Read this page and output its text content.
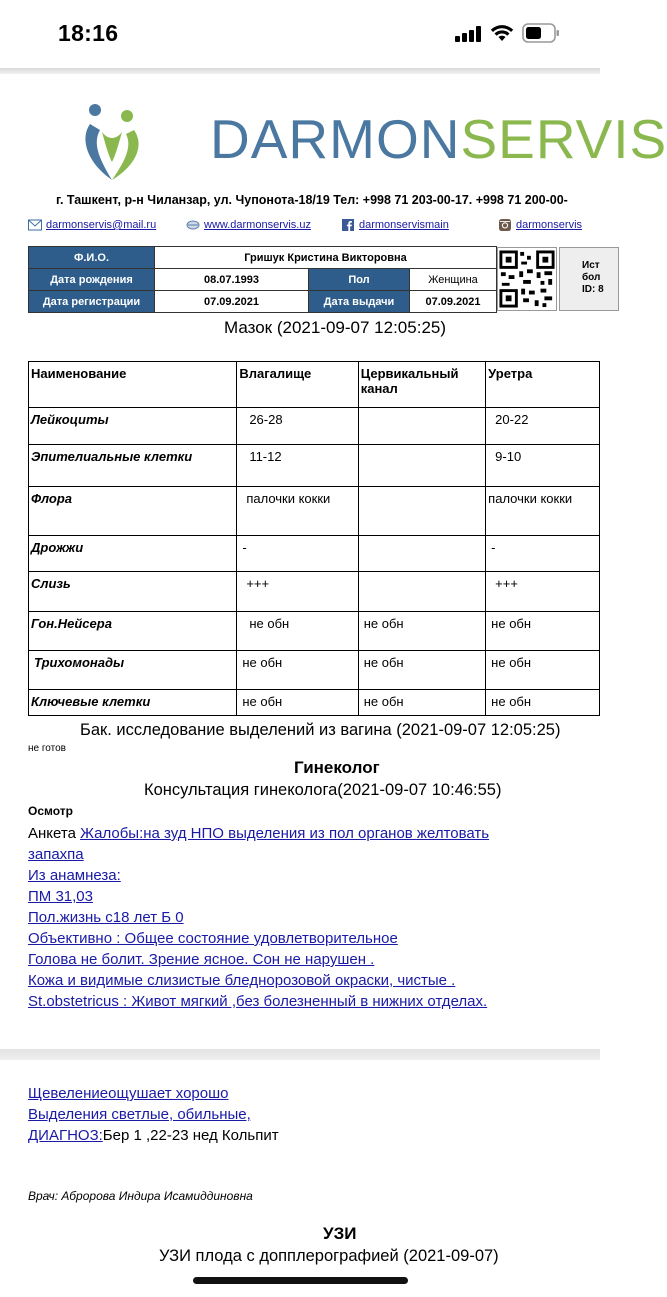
18:16
DARMONSERVIS
г. Ташкент, р-н Чиланзар, ул. Чупонота-18/19 Тел: +998 71 203-00-17. +998 71 200-00-
darmonservis@mail.ru	www.darmonservis.uz	darmonservismain	darmonservis
Ф.И.О.	Гришук Кристина Викторовна		
Дата рождения	08.07.1993	Пол	Женщина
Дата регистрации	07.09.2021	Дата выдачи	07.09.2021
Ист
бол
ID: 8
Мазок (2021-09-07 12:05:25)
Наименование	Влагалище	Цервикальный канал	Уретра
Лейкоциты	26-28		20-22
Эпителиальные клетки	11-12		9-10
Флора	палочки кокки		палочки кокки
Дрожжи	-		-
Слизь	+++		+++
Гон.Нейсера	не обн	не обн	не обн
Трихомонады	не обн	не обн	не обн
Ключевые клетки	не обн	не обн	не обн
Бак. исследование выделений из вагина (2021-09-07 12:05:25)
не готов
Гинеколог
Консультация гинеколога(2021-09-07 10:46:55)
Осмотр
Анкета Жалобы:на зуд НПО выделения из пол органов желтовать
запахпа
Из анамнеза:
ПМ 31,03
Пол.жизнь с18 лет Б 0
Объективно : Общее состояние удовлетворительное
Голова не болит. Зрение ясное. Сон не нарушен .
Кожа и видимые слизистые бледнорозовой окраски, чистые .
St.obstetricus : Живот мягкий ,без болезненный в нижних отделах.
Щевелениеощушает хорошо
Выделения светлые, обильные,
ДИАГНОЗ:Бер 1 ,22-23 нед Кольпит
Врач: Абророва Индира Исамиддиновна
УЗИ
УЗИ плода с допплерографией (2021-09-07)
